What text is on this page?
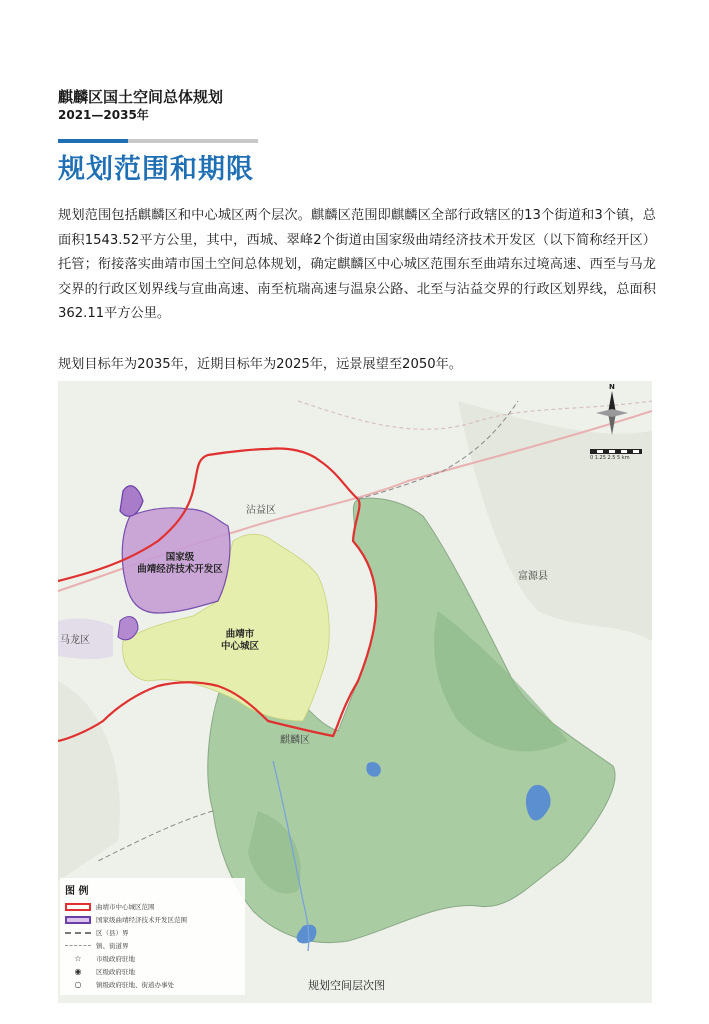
麒麟区国土空间总体规划
2021—2035年
规划范围和期限
规划范围包括麒麟区和中心城区两个层次。麒麟区范围即麒麟区全部行政辖区的13个街道和3个镇，总面积1543.52平方公里，其中，西城、翠峰2个街道由国家级曲靖经济技术开发区（以下简称经开区）托管；衔接落实曲靖市国土空间总体规划，确定麒麟区中心城区范围东至曲靖东过境高速、西至与马龙交界的行政区划界线与宣曲高速、南至杭瑞高速与温泉公路、北至与沾益交界的行政区划界线，总面积362.11平方公里。
规划目标年为2035年，近期目标年为2025年，远景展望至2050年。
N
0 1.25 2.5 5 km
沾益区
富源县
马龙区
麒麟区
国家级
曲靖经济技术开发区
曲靖市
中心城区
图 例
曲靖市中心城区范围
国家级曲靖经济技术开发区范围
区（县）界
镇、街道界
☆	市级政府驻地
◉	区级政府驻地
○	镇级政府驻地、街道办事处	规划空间层次图
